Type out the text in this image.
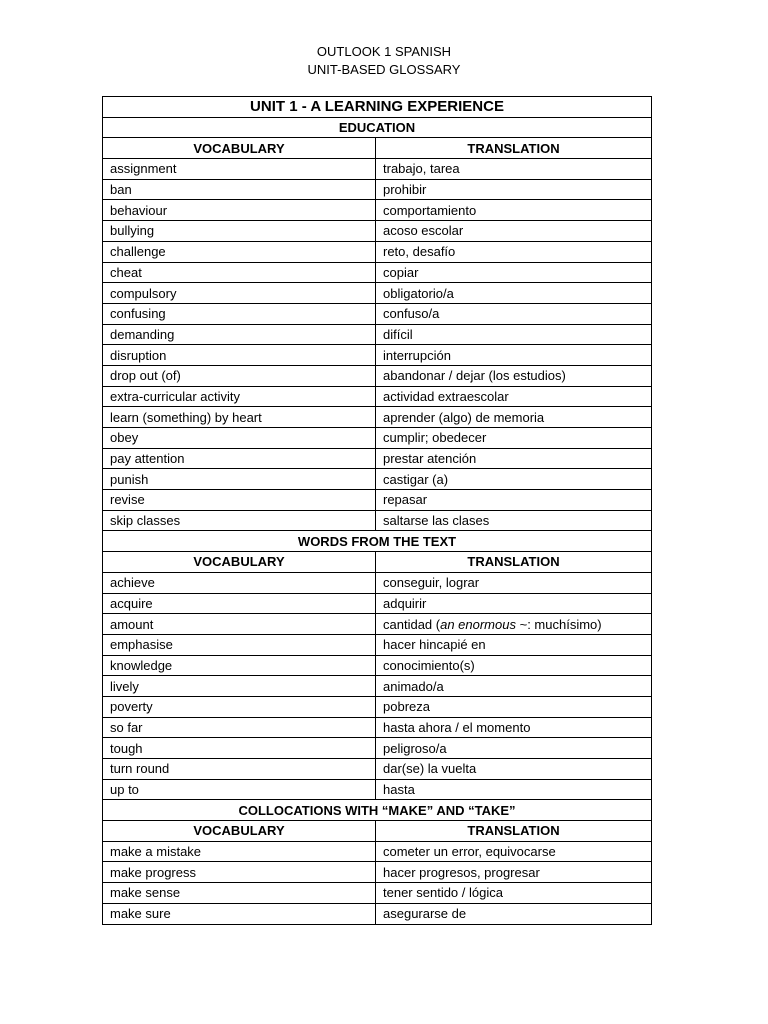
OUTLOOK 1 SPANISH
UNIT-BASED GLOSSARY
UNIT 1 - A LEARNING EXPERIENCE	
EDUCATION	
VOCABULARY	TRANSLATION
assignment	trabajo, tarea
ban	prohibir
behaviour	comportamiento
bullying	acoso escolar
challenge	reto, desafío
cheat	copiar
compulsory	obligatorio/a
confusing	confuso/a
demanding	difícil
disruption	interrupción
drop out (of)	abandonar / dejar (los estudios)
extra-curricular activity	actividad extraescolar
learn (something) by heart	aprender (algo) de memoria
obey	cumplir; obedecer
pay attention	prestar atención
punish	castigar (a)
revise	repasar
skip classes	saltarse las clases
WORDS FROM THE TEXT	
VOCABULARY	TRANSLATION
achieve	conseguir, lograr
acquire	adquirir
amount	cantidad (an enormous ~: muchísimo)
emphasise	hacer hincapié en
knowledge	conocimiento(s)
lively	animado/a
poverty	pobreza
so far	hasta ahora / el momento
tough	peligroso/a
turn round	dar(se) la vuelta
up to	hasta
COLLOCATIONS WITH “MAKE” AND “TAKE”	
VOCABULARY	TRANSLATION
make a mistake	cometer un error, equivocarse
make progress	hacer progresos, progresar
make sense	tener sentido / lógica
make sure	asegurarse de
